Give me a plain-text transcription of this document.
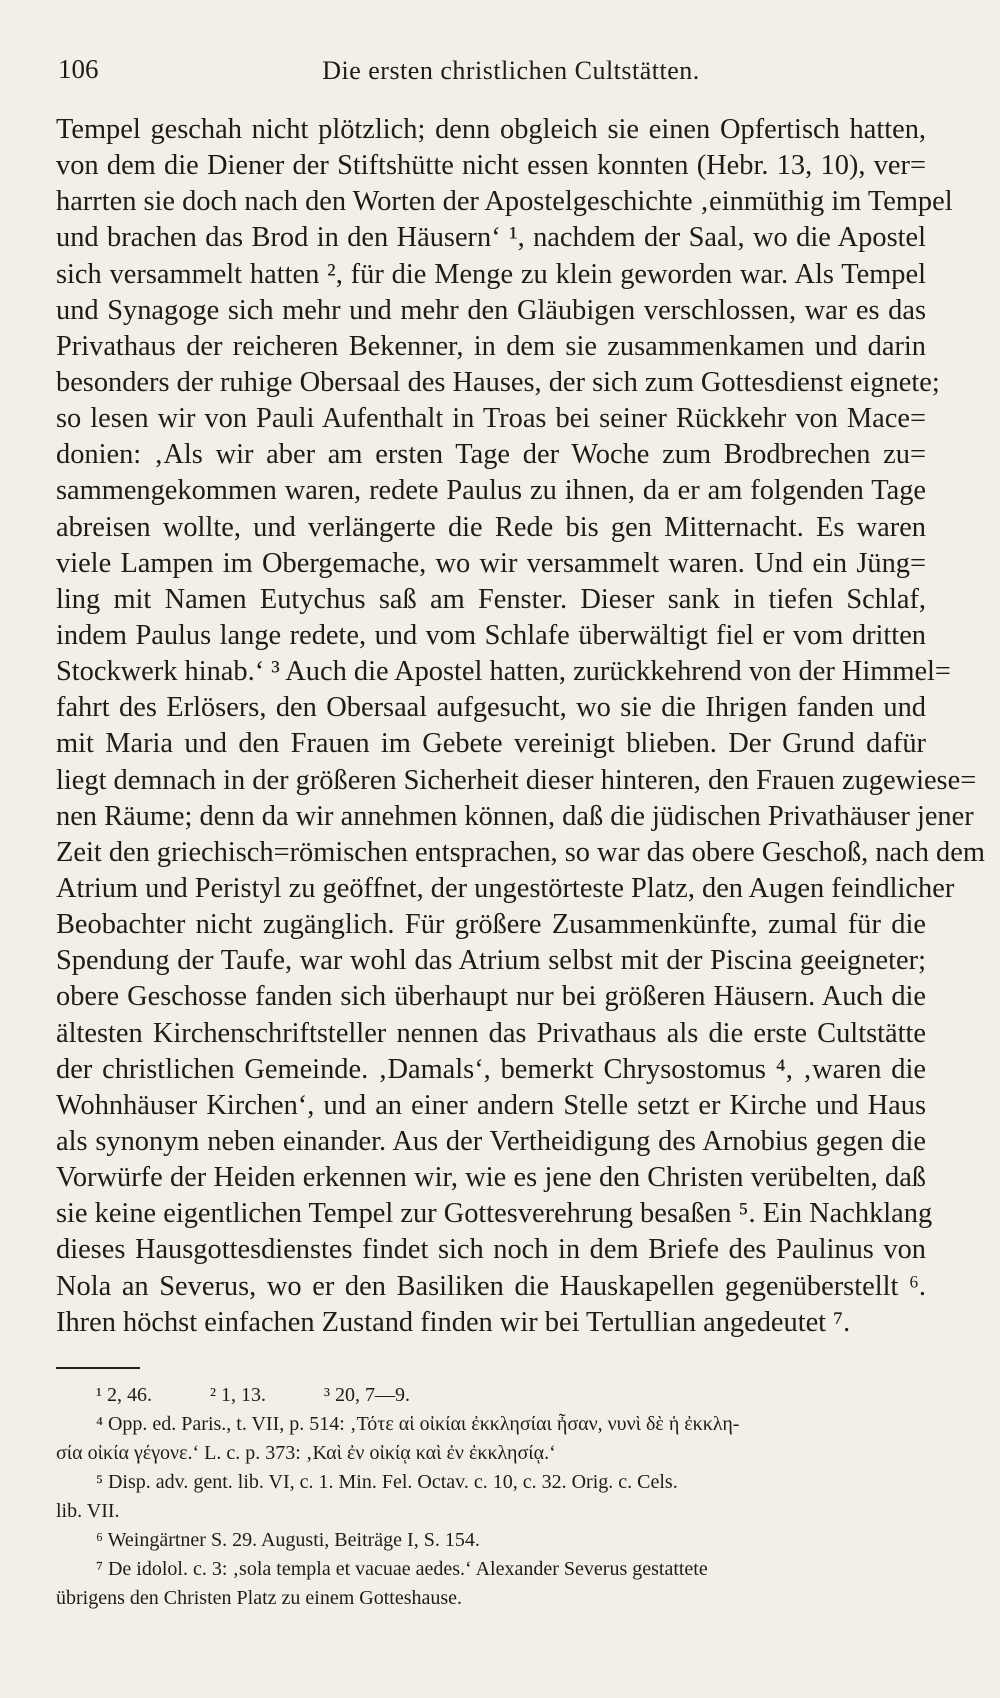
106	Die ersten christlichen Cultstätten.
Tempel geschah nicht plötzlich; denn obgleich sie einen Opfertisch hatten,
von dem die Diener der Stiftshütte nicht essen konnten (Hebr. 13, 10), ver=
harrten sie doch nach den Worten der Apostelgeschichte ‚einmüthig im Tempel
und brachen das Brod in den Häusern‘ ¹, nachdem der Saal, wo die Apostel
sich versammelt hatten ², für die Menge zu klein geworden war. Als Tempel
und Synagoge sich mehr und mehr den Gläubigen verschlossen, war es das
Privathaus der reicheren Bekenner, in dem sie zusammenkamen und darin
besonders der ruhige Obersaal des Hauses, der sich zum Gottesdienst eignete;
so lesen wir von Pauli Aufenthalt in Troas bei seiner Rückkehr von Mace=
donien: ‚Als wir aber am ersten Tage der Woche zum Brodbrechen zu=
sammengekommen waren, redete Paulus zu ihnen, da er am folgenden Tage
abreisen wollte, und verlängerte die Rede bis gen Mitternacht. Es waren
viele Lampen im Obergemache, wo wir versammelt waren. Und ein Jüng=
ling mit Namen Eutychus saß am Fenster. Dieser sank in tiefen Schlaf,
indem Paulus lange redete, und vom Schlafe überwältigt fiel er vom dritten
Stockwerk hinab.‘ ³ Auch die Apostel hatten, zurückkehrend von der Himmel=
fahrt des Erlösers, den Obersaal aufgesucht, wo sie die Ihrigen fanden und
mit Maria und den Frauen im Gebete vereinigt blieben. Der Grund dafür
liegt demnach in der größeren Sicherheit dieser hinteren, den Frauen zugewiese=
nen Räume; denn da wir annehmen können, daß die jüdischen Privathäuser jener
Zeit den griechisch=römischen entsprachen, so war das obere Geschoß, nach dem
Atrium und Peristyl zu geöffnet, der ungestörteste Platz, den Augen feindlicher
Beobachter nicht zugänglich. Für größere Zusammenkünfte, zumal für die
Spendung der Taufe, war wohl das Atrium selbst mit der Piscina geeigneter;
obere Geschosse fanden sich überhaupt nur bei größeren Häusern. Auch die
ältesten Kirchenschriftsteller nennen das Privathaus als die erste Cultstätte
der christlichen Gemeinde. ‚Damals‘, bemerkt Chrysostomus ⁴, ‚waren die
Wohnhäuser Kirchen‘, und an einer andern Stelle setzt er Kirche und Haus
als synonym neben einander. Aus der Vertheidigung des Arnobius gegen die
Vorwürfe der Heiden erkennen wir, wie es jene den Christen verübelten, daß
sie keine eigentlichen Tempel zur Gottesverehrung besaßen ⁵. Ein Nachklang
dieses Hausgottesdienstes findet sich noch in dem Briefe des Paulinus von
Nola an Severus, wo er den Basiliken die Hauskapellen gegenüberstellt ⁶.
Ihren höchst einfachen Zustand finden wir bei Tertullian angedeutet ⁷.
¹ 2, 46.	² 1, 13.	³ 20, 7—9.
⁴ Opp. ed. Paris., t. VII, p. 514: ‚Τότε αἱ οἰκίαι ἐκκλησίαι ἦσαν, νυνὶ δὲ ἡ ἐκκλη-
σία οἰκία γέγονε.‘ L. c. p. 373: ‚Καὶ ἐν οἰκίᾳ καὶ ἐν ἐκκλησίᾳ.‘
⁵ Disp. adv. gent. lib. VI, c. 1. Min. Fel. Octav. c. 10, c. 32. Orig. c. Cels.
lib. VII.
⁶ Weingärtner S. 29. Augusti, Beiträge I, S. 154.
⁷ De idolol. c. 3: ‚sola templa et vacuae aedes.‘ Alexander Severus gestattete
übrigens den Christen Platz zu einem Gotteshause.
